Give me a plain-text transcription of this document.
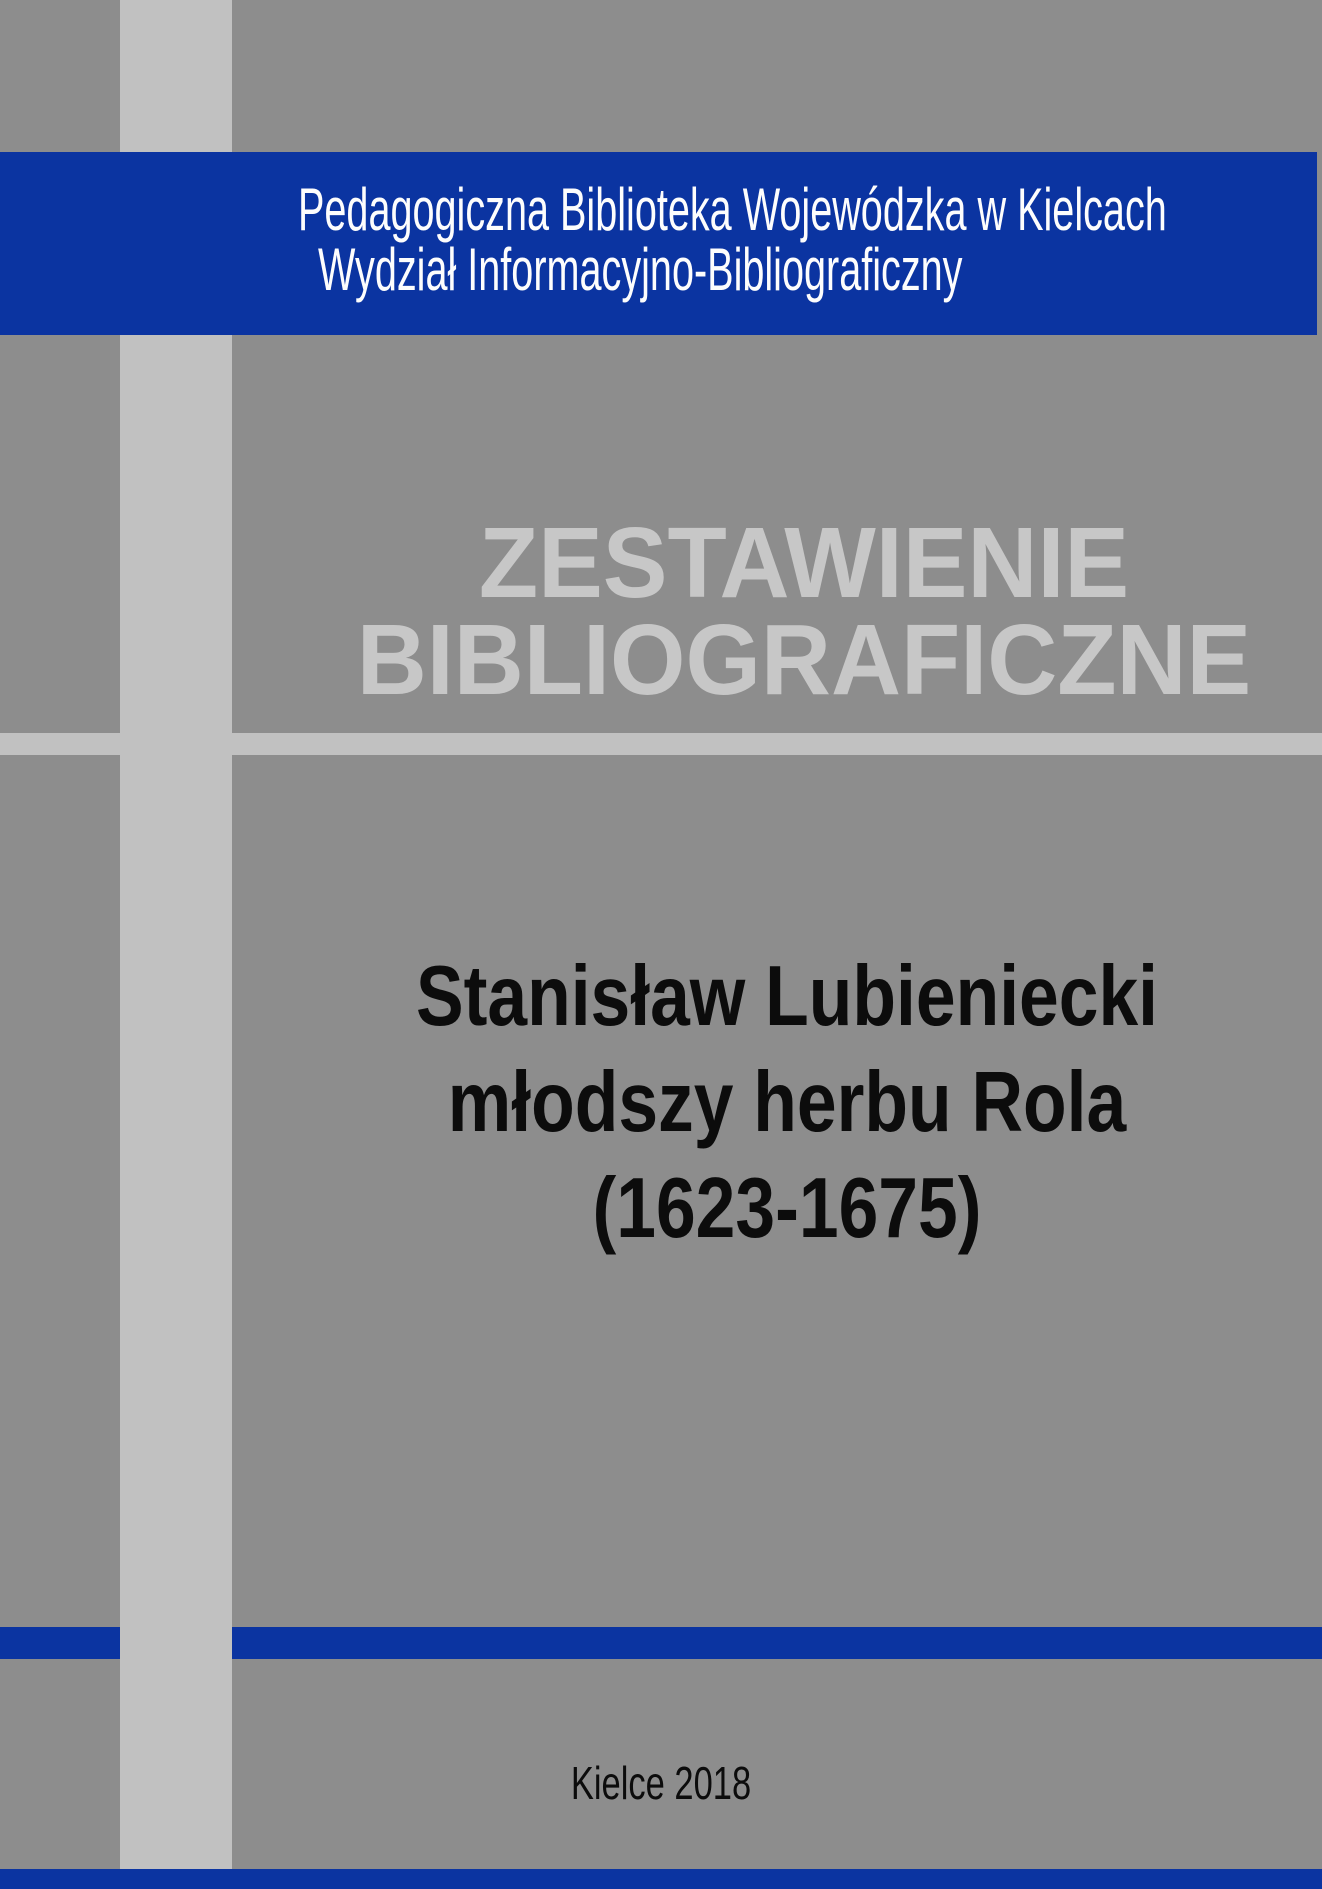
Pedagogiczna Biblioteka Wojewódzka w Kielcach
Wydział Informacyjno-Bibliograficzny
ZESTAWIENIE
BIBLIOGRAFICZNE
Stanisław Lubieniecki
młodszy herbu Rola
(1623-1675)
Kielce 2018
